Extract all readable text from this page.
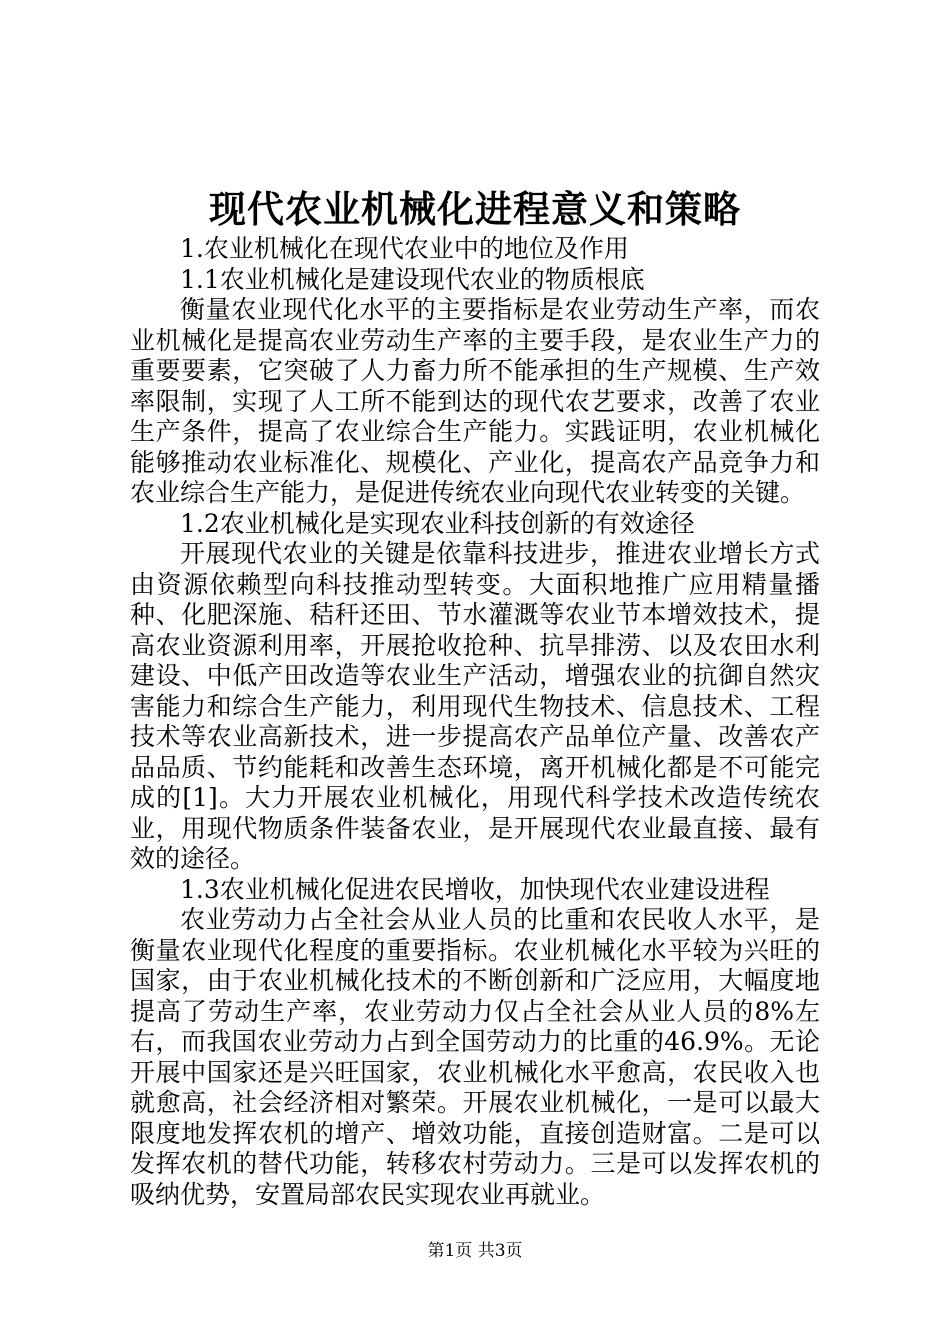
现代农业机械化进程意义和策略

1.农业机械化在现代农业中的地位及作用

1.1农业机械化是建设现代农业的物质根底

衡量农业现代化水平的主要指标是农业劳动生产率，而农业机械化是提高农业劳动生产率的主要手段，是农业生产力的重要要素，它突破了人力畜力所不能承担的生产规模、生产效率限制，实现了人工所不能到达的现代农艺要求，改善了农业生产条件，提高了农业综合生产能力。实践证明，农业机械化能够推动农业标准化、规模化、产业化，提高农产品竞争力和农业综合生产能力，是促进传统农业向现代农业转变的关键。

1.2农业机械化是实现农业科技创新的有效途径

开展现代农业的关键是依靠科技进步，推进农业增长方式由资源依赖型向科技推动型转变。大面积地推广应用精量播种、化肥深施、秸秆还田、节水灌溉等农业节本增效技术，提高农业资源利用率，开展抢收抢种、抗旱排涝、以及农田水利建设、中低产田改造等农业生产活动，增强农业的抗御自然灾害能力和综合生产能力，利用现代生物技术、信息技术、工程技术等农业高新技术，进一步提高农产品单位产量、改善农产品品质、节约能耗和改善生态环境，离开机械化都是不可能完成的[1]。大力开展农业机械化，用现代科学技术改造传统农业，用现代物质条件装备农业，是开展现代农业最直接、最有效的途径。

1.3农业机械化促进农民增收，加快现代农业建设进程

农业劳动力占全社会从业人员的比重和农民收人水平，是衡量农业现代化程度的重要指标。农业机械化水平较为兴旺的国家，由于农业机械化技术的不断创新和广泛应用，大幅度地提高了劳动生产率，农业劳动力仅占全社会从业人员的8%左右，而我国农业劳动力占到全国劳动力的比重的46.9%。无论开展中国家还是兴旺国家，农业机械化水平愈高，农民收入也就愈高，社会经济相对繁荣。开展农业机械化，一是可以最大限度地发挥农机的增产、增效功能，直接创造财富。二是可以发挥农机的替代功能，转移农村劳动力。三是可以发挥农机的吸纳优势，安置局部农民实现农业再就业。

第1页 共3页
